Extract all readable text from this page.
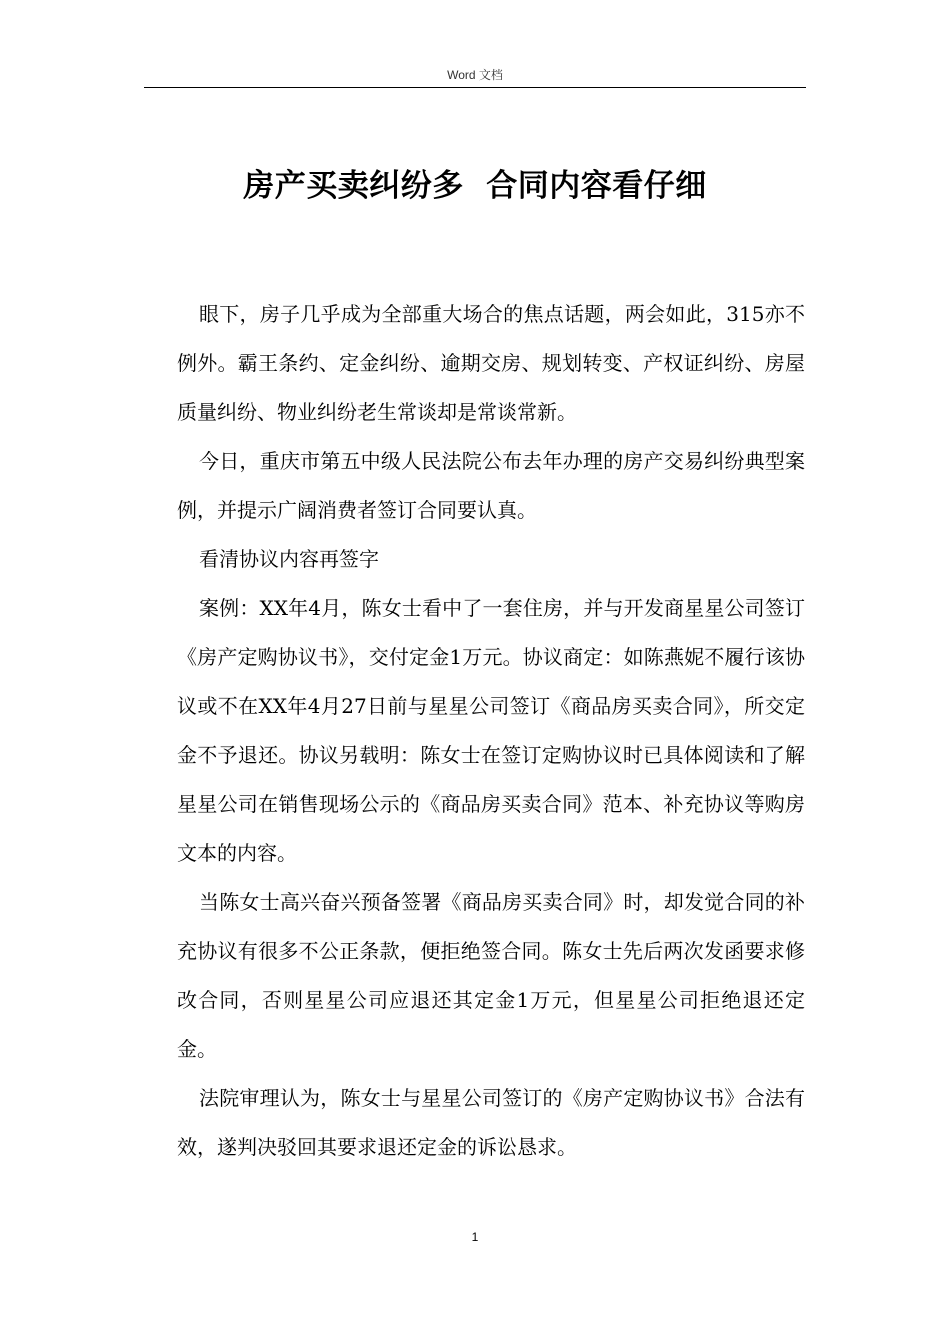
Word 文档
房产买卖纠纷多  合同内容看仔细

眼下，房子几乎成为全部重大场合的焦点话题，两会如此，315亦不例外。霸王条约、定金纠纷、逾期交房、规划转变、产权证纠纷、房屋质量纠纷、物业纠纷老生常谈却是常谈常新。

今日，重庆市第五中级人民法院公布去年办理的房产交易纠纷典型案例，并提示广阔消费者签订合同要认真。

看清协议内容再签字

案例：XX年4月，陈女士看中了一套住房，并与开发商星星公司签订《房产定购协议书》，交付定金1万元。协议商定：如陈燕妮不履行该协议或不在XX年4月27日前与星星公司签订《商品房买卖合同》，所交定金不予退还。协议另载明：陈女士在签订定购协议时已具体阅读和了解星星公司在销售现场公示的《商品房买卖合同》范本、补充协议等购房文本的内容。

当陈女士高兴奋兴预备签署《商品房买卖合同》时，却发觉合同的补充协议有很多不公正条款，便拒绝签合同。陈女士先后两次发函要求修改合同，否则星星公司应退还其定金1万元，但星星公司拒绝退还定金。

法院审理认为，陈女士与星星公司签订的《房产定购协议书》合法有效，遂判决驳回其要求退还定金的诉讼恳求。

1
